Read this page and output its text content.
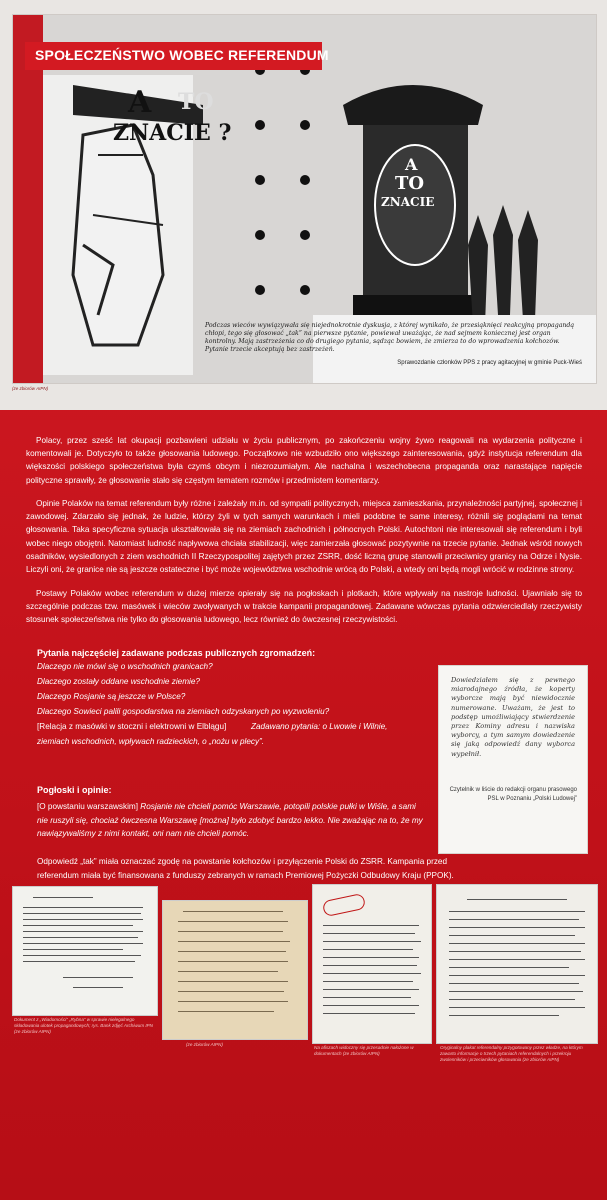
A TO
ZNACIE ?
A
TO
ZNACIE
SPOŁECZEŃSTWO WOBEC REFERENDUM
Podczas wieców wywiązywała się niejednokrotnie dyskusja, z której wynikało, że przesiąknięci reakcyjną propagandą chłopi, tego się głosować „tak” na pierwsze pytanie, powiewał uważając, że nad sejmem koniecznej jest organ kontrolny. Mają zastrzeżenia co do drugiego pytania, sądząc bowiem, że zmierza to do wprowadzenia kołchozów. Pytanie trzecie akceptują bez zastrzeżeń.
Sprawozdanie członków PPS z pracy agitacyjnej w gminie Puck-Wieś
(ze zbiorów AIPN)
Polacy, przez sześć lat okupacji pozbawieni udziału w życiu publicznym, po zakończeniu wojny żywo reagowali na wydarzenia polityczne i komentowali je. Dotyczyło to także głosowania ludowego. Początkowo nie wzbudziło ono większego zainteresowania, gdyż instytucja referendum dla większości polskiego społeczeństwa była czymś obcym i niezrozumiałym. Ale nachalna i wszechobecna propaganda oraz narastające napięcie polityczne sprawiły, że głosowanie stało się częstym tematem rozmów i przedmiotem komentarzy.
Opinie Polaków na temat referendum były różne i zależały m.in. od sympatii politycznych, miejsca zamieszkania, przynależności partyjnej, społecznej i zawodowej. Zdarzało się jednak, że ludzie, którzy żyli w tych samych warunkach i mieli podobne te same interesy, różnili się poglądami na temat głosowania. Taka specyficzna sytuacja ukształtowała się na ziemiach zachodnich i północnych Polski. Autochtoni nie interesowali się referendum i byli wobec niego obojętni. Natomiast ludność napływowa chciała stabilizacji, więc zamierzała głosować pozytywnie na trzecie pytanie. Jednak wśród nowych osadników, wysiedlonych z ziem wschodnich II Rzeczypospolitej zajętych przez ZSRR, dość liczną grupę stanowili przeciwnicy granicy na Odrze i Nysie. Liczyli oni, że granice nie są jeszcze ostateczne i być może województwa wschodnie wrócą do Polski, a wtedy oni będą mogli wrócić w rodzinne strony.
Postawy Polaków wobec referendum w dużej mierze opierały się na pogłoskach i plotkach, które wpływały na nastroje ludności. Ujawniało się to szczególnie podczas tzw. masówek i wieców zwoływanych w trakcie kampanii propagandowej. Zadawane wówczas pytania odzwierciedlały rzeczywisty stosunek społeczeństwa nie tylko do głosowania ludowego, lecz również do ówczesnej rzeczywistości.
Pytania najczęściej zadawane podczas publicznych zgromadzeń:
Dlaczego nie mówi się o wschodnich granicach?
Dlaczego zostały oddane wschodnie ziemie?
Dlaczego Rosjanie są jeszcze w Polsce?
Dlaczego Sowieci palili gospodarstwa na ziemiach odzyskanych po wyzwoleniu?
[Relacja z masówki w stoczni i elektrowni w Elblągu]	Zadawano pytania: o Lwowie i Wilnie,
ziemiach wschodnich, wpływach radzieckich, o „nożu w plecy”.
Pogłoski i opinie:
[O powstaniu warszawskim] Rosjanie nie chcieli pomóc Warszawie, potopili polskie pułki w Wiśle, a sami nie ruszyli się, chociaż ówczesna Warszawę [można] było zdobyć bardzo lekko. Nie zważając na to, że my nawiązywaliśmy z nimi kontakt, oni nam nie chcieli pomóc.
Odpowiedź „tak” miała oznaczać zgodę na powstanie kołchozów i przyłączenie Polski do ZSRR. Kampania przed referendum miała być finansowana z funduszy zebranych w ramach Premiowej Pożyczki Odbudowy Kraju (PPOK).
Dowiedziałem się z pewnego miarodajnego źródła, że koperty wyborcze mają być niewidocznie numerowane. Uważam, że jest to podstęp umożliwiający stwierdzenie przez Kominy adresu i nazwiska wyborcy, a tym samym dowiedzenie się jaką odpowiedź dany wyborca wypełnił.
Czytelnik w liście do redakcji organu prasowego PSL w Poznaniu „Polski Ludowej”
Dokument z „Wiadomości” „Rybna” w sprawie nielegalnego składowania ulotek propagandowych; rys. Bank zdjęć Archiwum IPN (ze zbiorów AIPN)
(ze zbiorów AIPN)
Na afiszach widoczny się przesadnie nałożone w dokumentach (ze zbiorów AIPN)
Oryginalny plakat referendalny przygotowany przez władze, na którym zawarto informacje o trzech pytaniach referendalnych i przekroju zwolenników i przeciwników głosowania (ze zbiorów AIPN)
